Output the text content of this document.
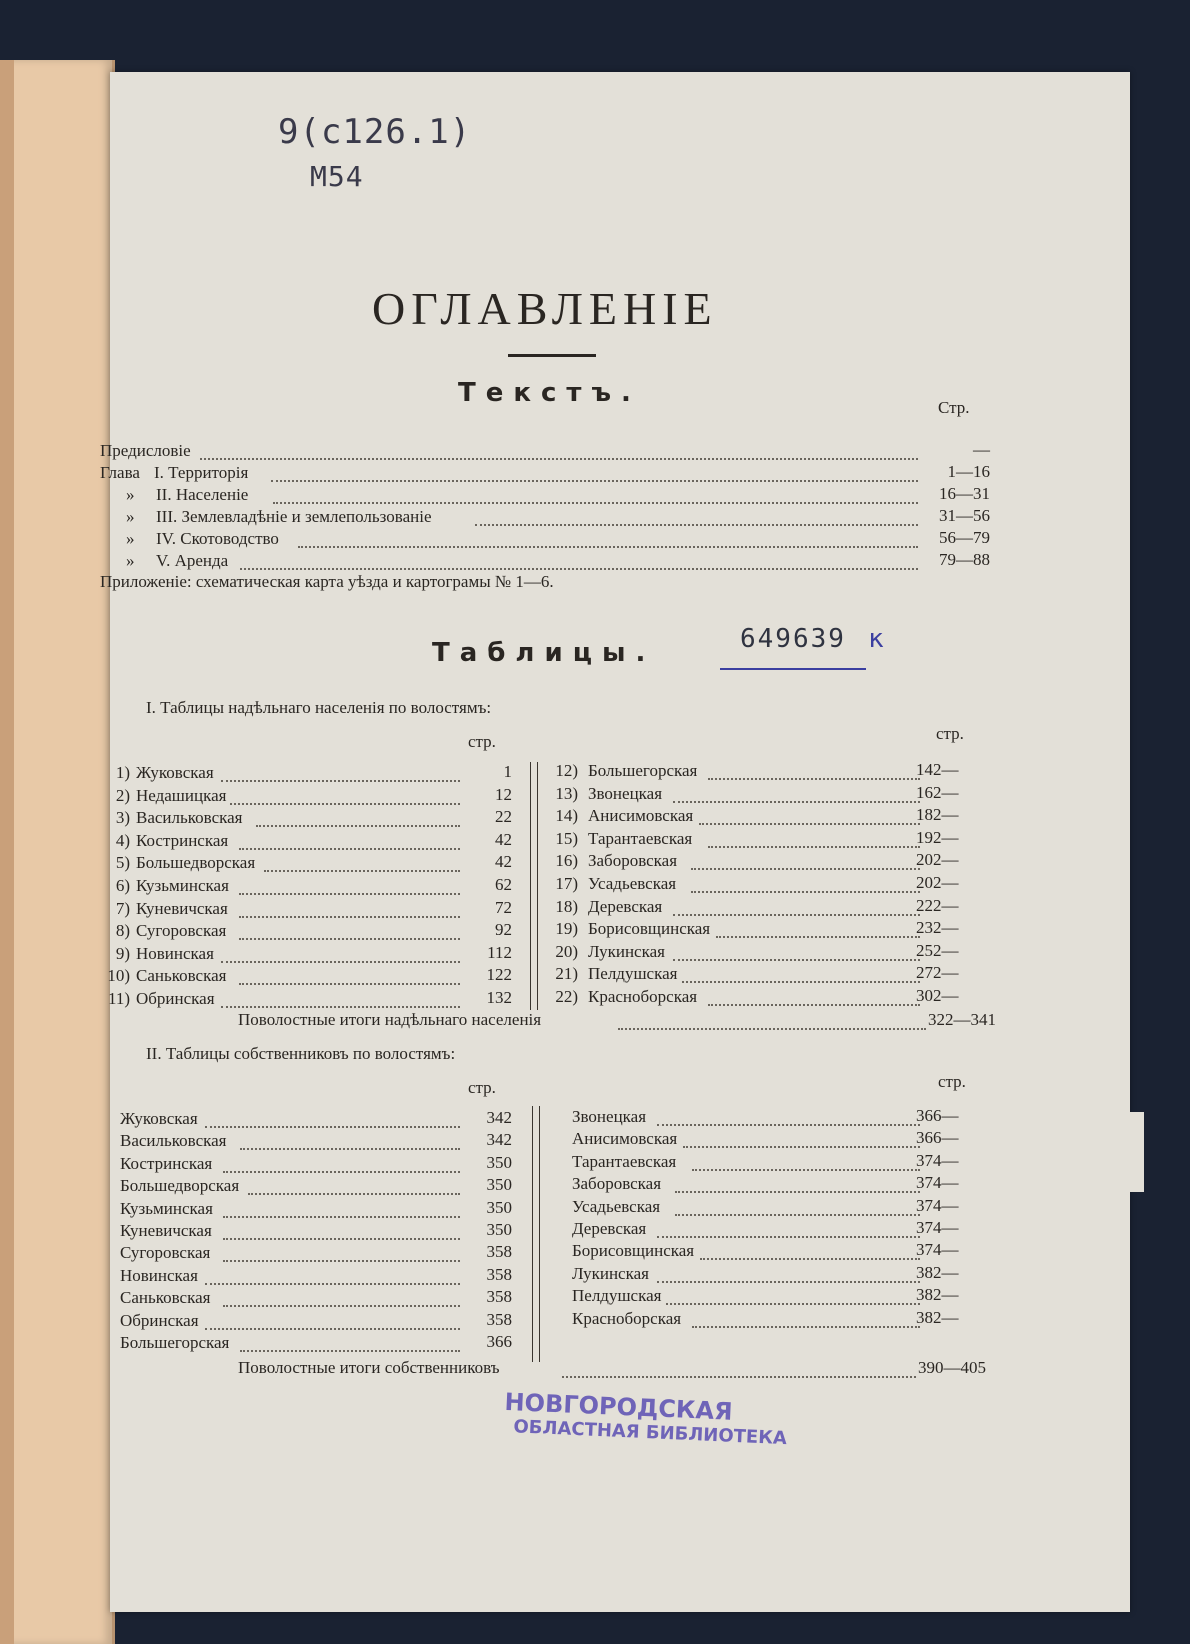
9(с126.1)
М54
ОГЛАВЛЕНІЕ
Текстъ.	Стр.
Предисловіе	—
Глава I. Территорія	1—16
» II. Населеніе	16—31
» III. Землевладѣніе и землепользованіе	31—56
» IV. Скотоводство	56—79
» V. Аренда	79—88
Приложеніе: схематическая карта уѣзда и картограмы № 1—6.
Таблицы.	649639 к
I. Таблицы надѣльнаго населенія по волостямъ:
стр.	стр.
1) Жуковская	1
2) Недашицкая	12
3) Васильковская	22
4) Костринская	42
5) Большедворская	42
6) Кузьминская	62
7) Куневичская	72
8) Сугоровская	92
9) Новинская	112
10) Саньковская	122
11) Обринская	132
12) Большегорская	142—
13) Звонецкая	162—
14) Анисимовская	182—
15) Тарантаевская	192—
16) Заборовская	202—
17) Усадьевская	202—
18) Деревская	222—
19) Борисовщинская	232—
20) Лукинская	252—
21) Пелдушская	272—
22) Красноборская	302—
Поволостные итоги надѣльнаго населенія	322—341
II. Таблицы собственниковъ по волостямъ:
стр.	стр.
Жуковская	342
Васильковская	342
Костринская	350
Большедворская	350
Кузьминская	350
Куневичская	350
Сугоровская	358
Новинская	358
Саньковская	358
Обринская	358
Большегорская	366
Звонецкая	366—
Анисимовская	366—
Тарантаевская	374—
Заборовская	374—
Усадьевская	374—
Деревская	374—
Борисовщинская	374—
Лукинская	382—
Пелдушская	382—
Красноборская	382—
Поволостные итоги собственниковъ	390—405
НОВГОРОДСКАЯ
ОБЛАСТНАЯ БИБЛИОТЕКА
